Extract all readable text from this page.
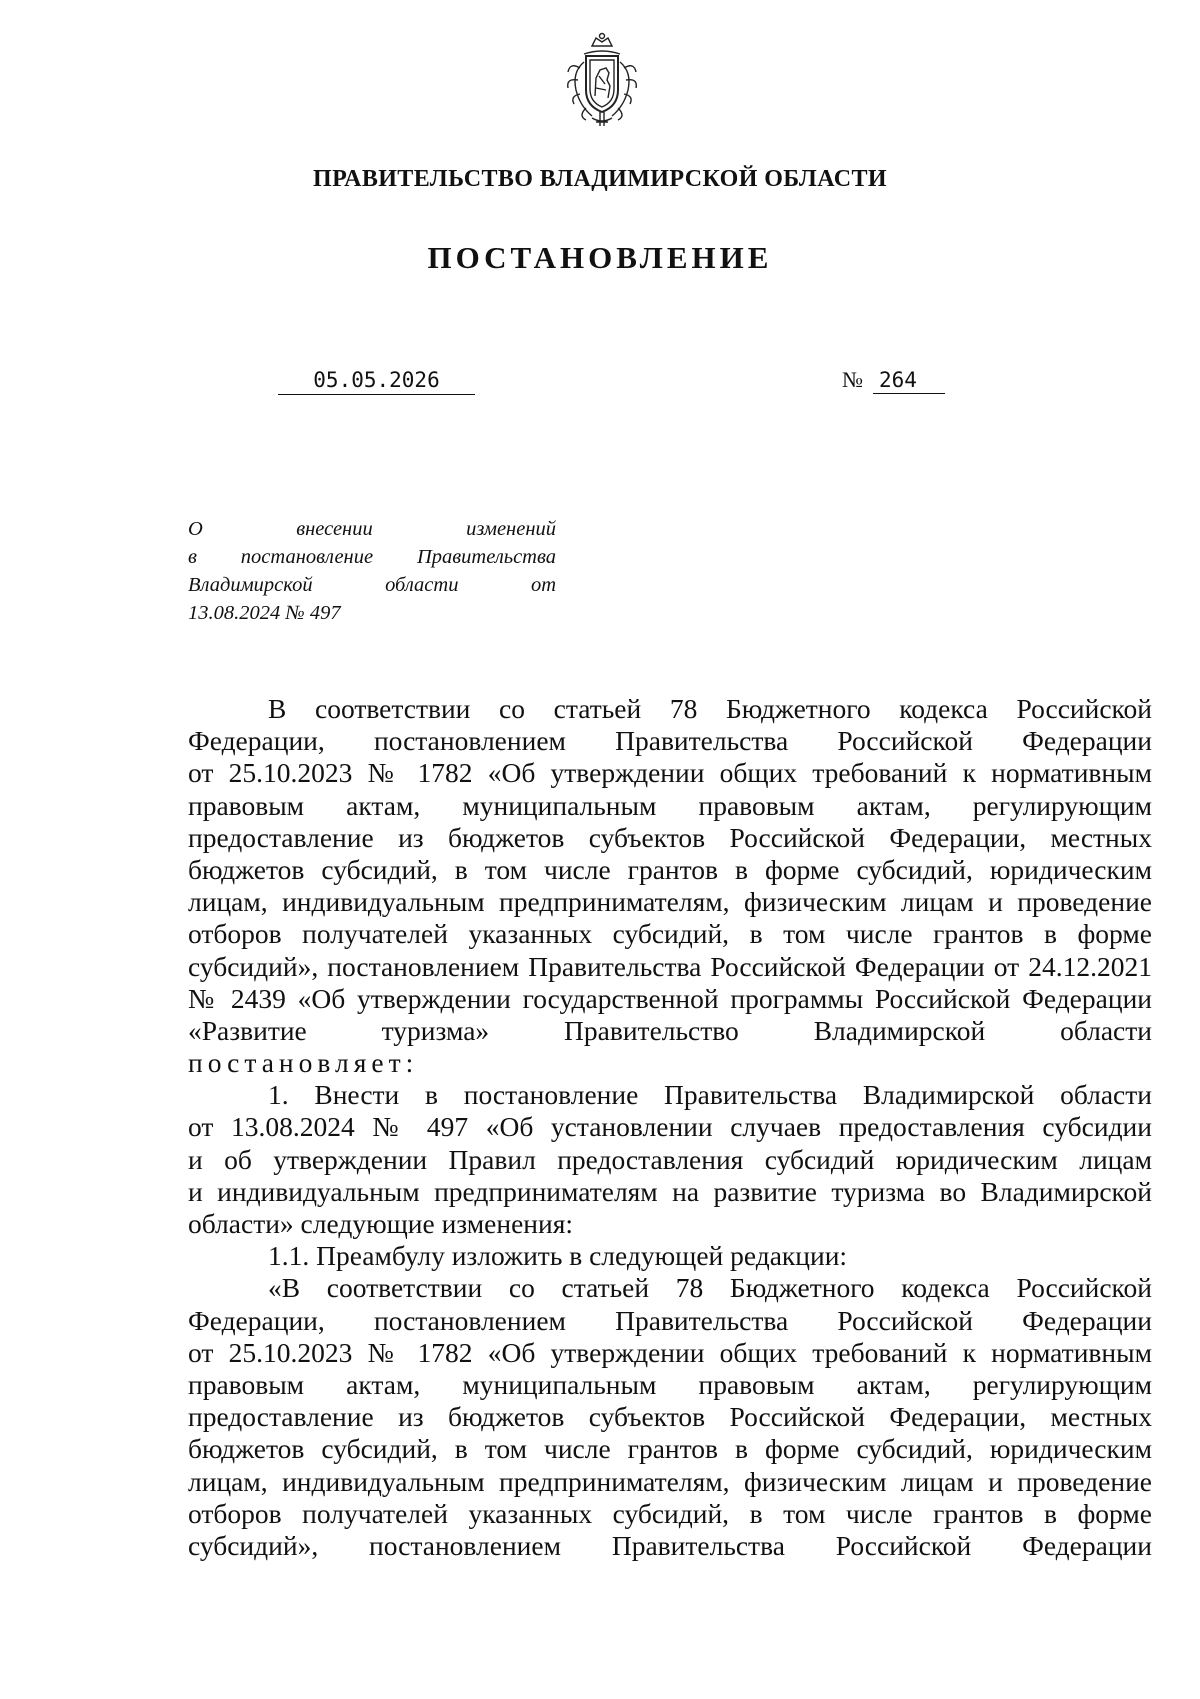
ПРАВИТЕЛЬСТВО ВЛАДИМИРСКОЙ ОБЛАСТИ
ПОСТАНОВЛЕНИЕ
05.05.2026	№ 264
О внесении изменений
в постановление Правительства
Владимирской области от
13.08.2024 № 497
В соответствии со статьей 78 Бюджетного кодекса Российской
Федерации, постановлением Правительства Российской Федерации
от 25.10.2023 № 1782 «Об утверждении общих требований к нормативным
правовым актам, муниципальным правовым актам, регулирующим
предоставление из бюджетов субъектов Российской Федерации, местных
бюджетов субсидий, в том числе грантов в форме субсидий, юридическим
лицам, индивидуальным предпринимателям, физическим лицам и проведение
отборов получателей указанных субсидий, в том числе грантов в форме
субсидий», постановлением Правительства Российской Федерации от 24.12.2021
№ 2439 «Об утверждении государственной программы Российской Федерации
«Развитие туризма» Правительство Владимирской области
постановляет:
1. Внести в постановление Правительства Владимирской области
от 13.08.2024 № 497 «Об установлении случаев предоставления субсидии
и об утверждении Правил предоставления субсидий юридическим лицам
и индивидуальным предпринимателям на развитие туризма во Владимирской
области» следующие изменения:
1.1. Преамбулу изложить в следующей редакции:
«В соответствии со статьей 78 Бюджетного кодекса Российской
Федерации, постановлением Правительства Российской Федерации
от 25.10.2023 № 1782 «Об утверждении общих требований к нормативным
правовым актам, муниципальным правовым актам, регулирующим
предоставление из бюджетов субъектов Российской Федерации, местных
бюджетов субсидий, в том числе грантов в форме субсидий, юридическим
лицам, индивидуальным предпринимателям, физическим лицам и проведение
отборов получателей указанных субсидий, в том числе грантов в форме
субсидий», постановлением Правительства Российской Федерации
